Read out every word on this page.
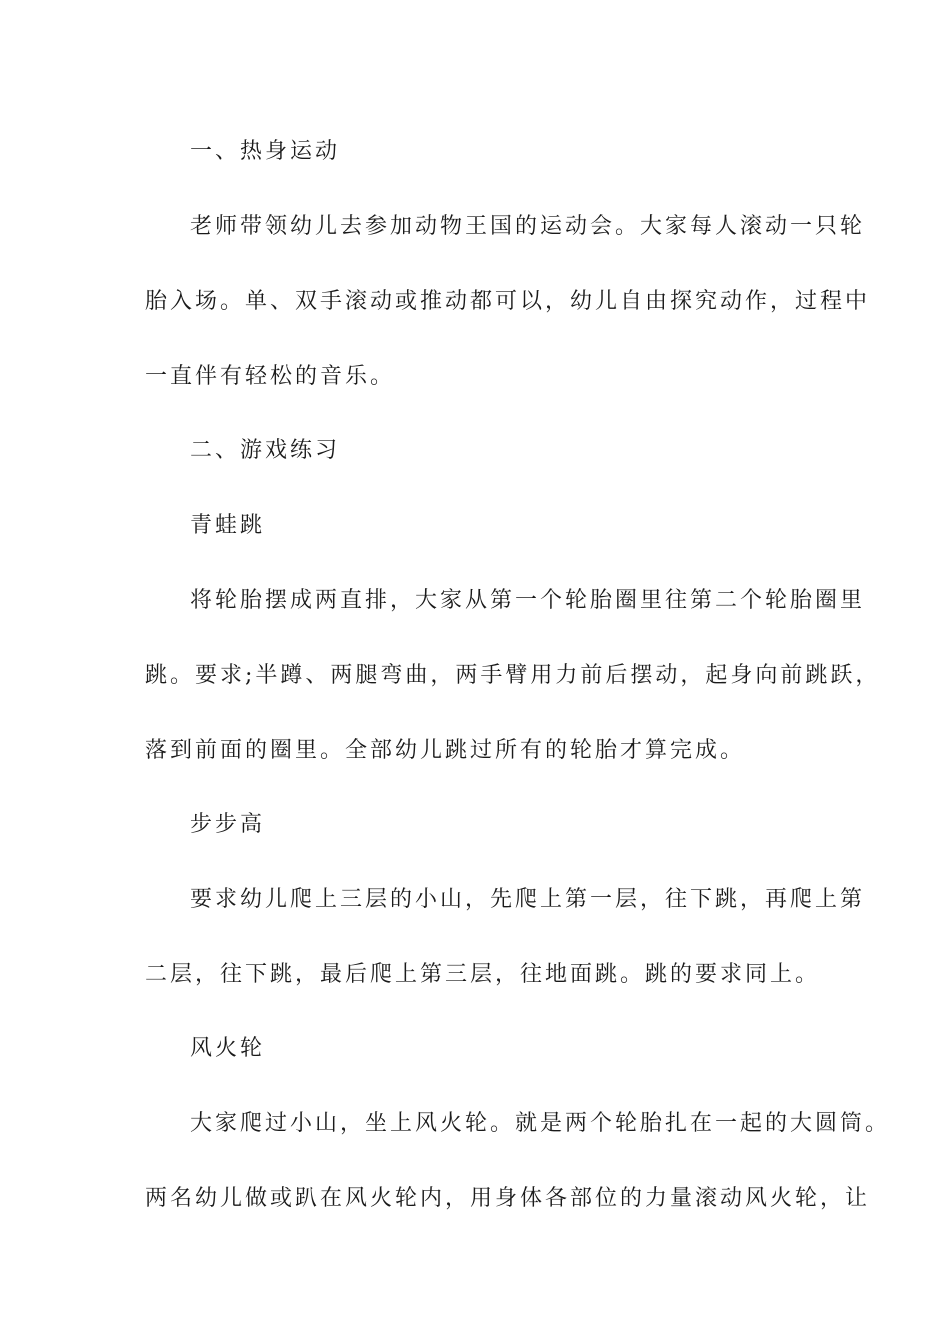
一、热身运动
老师带领幼儿去参加动物王国的运动会。大家每人滚动一只轮
胎入场。单、双手滚动或推动都可以，幼儿自由探究动作，过程中
一直伴有轻松的音乐。
二、游戏练习
青蛙跳
将轮胎摆成两直排，大家从第一个轮胎圈里往第二个轮胎圈里
跳。要求;半蹲、两腿弯曲，两手臂用力前后摆动，起身向前跳跃，
落到前面的圈里。全部幼儿跳过所有的轮胎才算完成。
步步高
要求幼儿爬上三层的小山，先爬上第一层，往下跳，再爬上第
二层，往下跳，最后爬上第三层，往地面跳。跳的要求同上。
风火轮
大家爬过小山，坐上风火轮。就是两个轮胎扎在一起的大圆筒。
两名幼儿做或趴在风火轮内，用身体各部位的力量滚动风火轮，让
